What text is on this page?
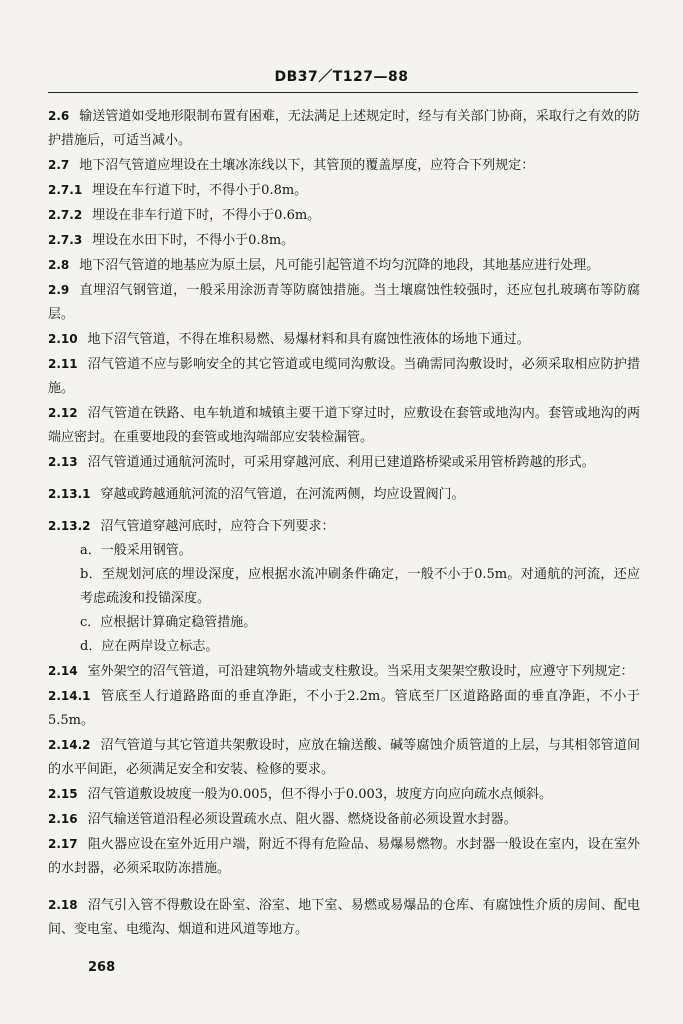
DB37／T127—88

2.6 输送管道如受地形限制布置有困难，无法满足上述规定时，经与有关部门协商，采取行之有效的防护措施后，可适当减小。

2.7 地下沼气管道应埋设在土壤冰冻线以下，其管顶的覆盖厚度，应符合下列规定：

2.7.1 埋设在车行道下时，不得小于0.8m。

2.7.2 埋设在非车行道下时，不得小于0.6m。

2.7.3 埋设在水田下时，不得小于0.8m。

2.8 地下沼气管道的地基应为原土层，凡可能引起管道不均匀沉降的地段，其地基应进行处理。

2.9 直埋沼气钢管道，一般采用涂沥青等防腐蚀措施。当土壤腐蚀性较强时，还应包扎玻璃布等防腐层。

2.10 地下沼气管道，不得在堆积易燃、易爆材料和具有腐蚀性液体的场地下通过。

2.11 沼气管道不应与影响安全的其它管道或电缆同沟敷设。当确需同沟敷设时，必须采取相应防护措施。

2.12 沼气管道在铁路、电车轨道和城镇主要干道下穿过时，应敷设在套管或地沟内。套管或地沟的两端应密封。在重要地段的套管或地沟端部应安装检漏管。

2.13 沼气管道通过通航河流时，可采用穿越河底、利用已建道路桥梁或采用管桥跨越的形式。

2.13.1 穿越或跨越通航河流的沼气管道，在河流两侧，均应设置阀门。

2.13.2 沼气管道穿越河底时，应符合下列要求：

a．一般采用钢管。

b．至规划河底的埋设深度，应根据水流冲刷条件确定，一般不小于0.5m。对通航的河流，还应考虑疏浚和投锚深度。

c．应根据计算确定稳管措施。

d．应在两岸设立标志。

2.14 室外架空的沼气管道，可沿建筑物外墙或支柱敷设。当采用支架架空敷设时，应遵守下列规定：

2.14.1 管底至人行道路路面的垂直净距，不小于2.2m。管底至厂区道路路面的垂直净距，不小于5.5m。

2.14.2 沼气管道与其它管道共架敷设时，应放在输送酸、碱等腐蚀介质管道的上层，与其相邻管道间的水平间距，必须满足安全和安装、检修的要求。

2.15 沼气管道敷设坡度一般为0.005，但不得小于0.003，坡度方向应向疏水点倾斜。

2.16 沼气输送管道沿程必须设置疏水点、阻火器、燃烧设备前必须设置水封器。

2.17 阻火器应设在室外近用户端，附近不得有危险品、易爆易燃物。水封器一般设在室内，设在室外的水封器，必须采取防冻措施。

2.18 沼气引入管不得敷设在卧室、浴室、地下室、易燃或易爆品的仓库、有腐蚀性介质的房间、配电间、变电室、电缆沟、烟道和进风道等地方。

268
